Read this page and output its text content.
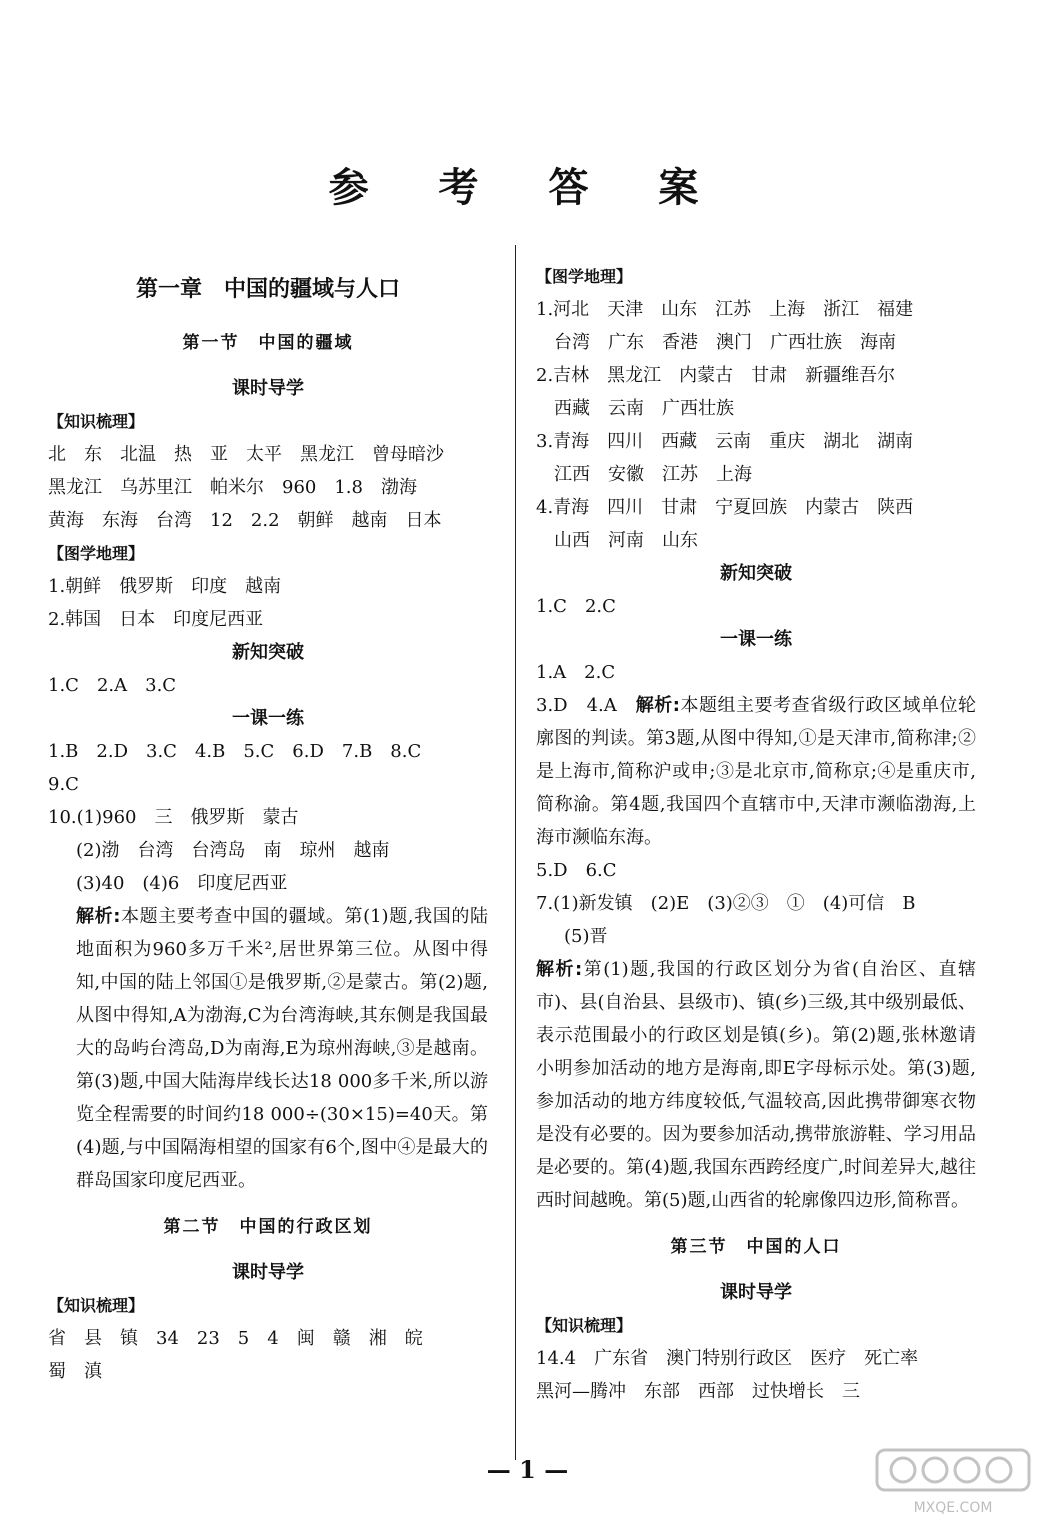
参 考 答 案
第一章　中国的疆域与人口
第一节　中国的疆域
课时导学
【知识梳理】
北　东　北温　热　亚　太平　黑龙江　曾母暗沙
黑龙江　乌苏里江　帕米尔　960　1.8　渤海
黄海　东海　台湾　12　2.2　朝鲜　越南　日本
【图学地理】
1.朝鲜　俄罗斯　印度　越南
2.韩国　日本　印度尼西亚
新知突破
1.C　2.A　3.C
一课一练
1.B　2.D　3.C　4.B　5.C　6.D　7.B　8.C
9.C
10.(1)960　三　俄罗斯　蒙古
(2)渤　台湾　台湾岛　南　琼州　越南
(3)40　(4)6　印度尼西亚
解析:本题主要考查中国的疆域。第(1)题,我国的陆地面积为960多万千米²,居世界第三位。从图中得知,中国的陆上邻国①是俄罗斯,②是蒙古。第(2)题,从图中得知,A为渤海,C为台湾海峡,其东侧是我国最大的岛屿台湾岛,D为南海,E为琼州海峡,③是越南。第(3)题,中国大陆海岸线长达18 000多千米,所以游览全程需要的时间约18 000÷(30×15)=40天。第(4)题,与中国隔海相望的国家有6个,图中④是最大的群岛国家印度尼西亚。
第二节　中国的行政区划
课时导学
【知识梳理】
省　县　镇　34　23　5　4　闽　赣　湘　皖
蜀　滇
【图学地理】
1.河北　天津　山东　江苏　上海　浙江　福建
　台湾　广东　香港　澳门　广西壮族　海南
2.吉林　黑龙江　内蒙古　甘肃　新疆维吾尔
　西藏　云南　广西壮族
3.青海　四川　西藏　云南　重庆　湖北　湖南
　江西　安徽　江苏　上海
4.青海　四川　甘肃　宁夏回族　内蒙古　陕西
　山西　河南　山东
新知突破
1.C　2.C
一课一练
1.A　2.C
3.D　4.A　解析:本题组主要考查省级行政区域单位轮廓图的判读。第3题,从图中得知,①是天津市,简称津;②是上海市,简称沪或申;③是北京市,简称京;④是重庆市,简称渝。第4题,我国四个直辖市中,天津市濒临渤海,上海市濒临东海。
5.D　6.C
7.(1)新发镇　(2)E　(3)②③　①　(4)可信　B
(5)晋
解析:第(1)题,我国的行政区划分为省(自治区、直辖市)、县(自治县、县级市)、镇(乡)三级,其中级别最低、表示范围最小的行政区划是镇(乡)。第(2)题,张林邀请小明参加活动的地方是海南,即E字母标示处。第(3)题,参加活动的地方纬度较低,气温较高,因此携带御寒衣物是没有必要的。因为要参加活动,携带旅游鞋、学习用品是必要的。第(4)题,我国东西跨经度广,时间差异大,越往西时间越晚。第(5)题,山西省的轮廓像四边形,简称晋。
第三节　中国的人口
课时导学
【知识梳理】
14.4　广东省　澳门特别行政区　医疗　死亡率
黑河—腾冲　东部　西部　过快增长　三
— 1 —
MXQE.COM
